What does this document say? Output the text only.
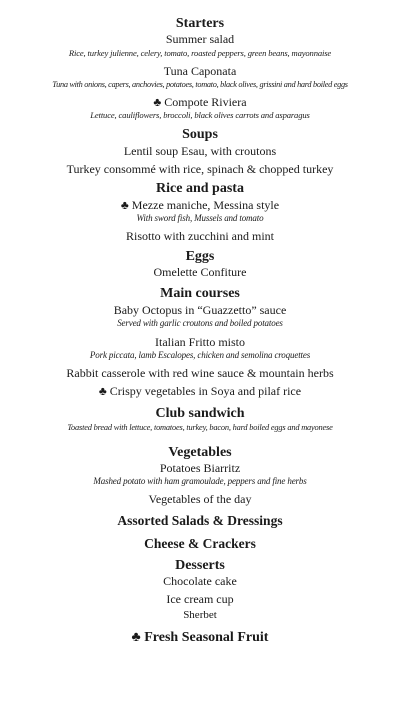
Starters
Summer salad
Rice, turkey julienne, celery, tomato, roasted peppers, green beans, mayonnaise
Tuna Caponata
Tuna with onions, capers, anchovies, potatoes, tomato, black olives, grissini and hard boiled eggs
♣ Compote Riviera
Lettuce, cauliflowers, broccoli, black olives carrots and asparagus
Soups
Lentil soup Esau, with croutons
Turkey consommé with rice, spinach & chopped turkey
Rice and pasta
♣ Mezze maniche, Messina style
With sword fish, Mussels and tomato
Risotto with zucchini and mint
Eggs
Omelette Confiture
Main courses
Baby Octopus in “Guazzetto” sauce
Served with garlic croutons and boiled potatoes
Italian Fritto misto
Pork piccata, lamb Escalopes, chicken and semolina croquettes
Rabbit casserole with red wine sauce & mountain herbs
♣ Crispy vegetables in Soya and pilaf rice
Club sandwich
Toasted bread with lettuce, tomatoes, turkey, bacon, hard boiled eggs and mayonese
Vegetables
Potatoes Biarritz
Mashed potato with ham gramoulade, peppers and fine herbs
Vegetables of the day
Assorted Salads & Dressings
Cheese & Crackers
Desserts
Chocolate cake
Ice cream cup
Sherbet
♣ Fresh Seasonal Fruit
